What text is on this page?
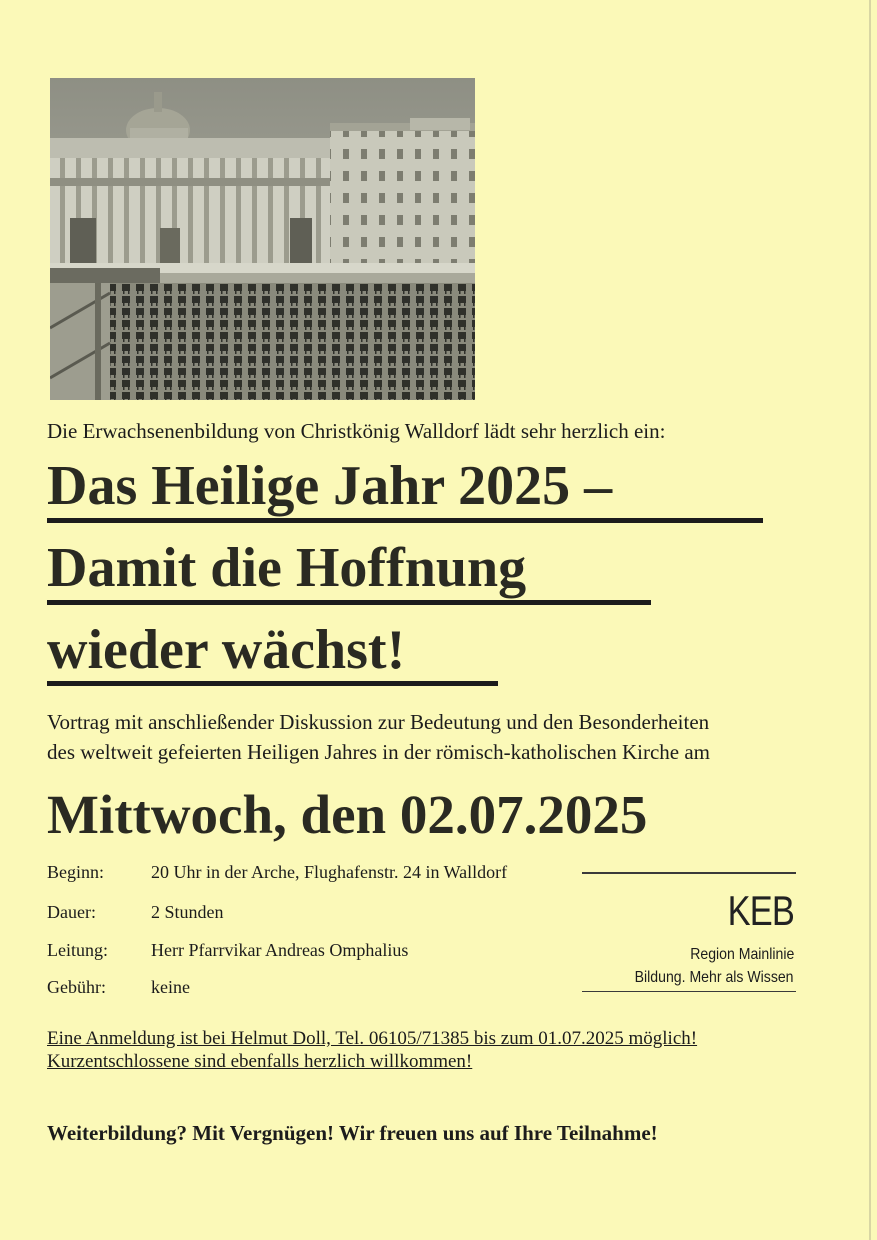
Die Erwachsenenbildung von Christkönig Walldorf lädt sehr herzlich ein:
Das Heilige Jahr 2025 –
Damit die Hoffnung
wieder wächst!
Vortrag mit anschließender Diskussion zur Bedeutung und den Besonderheiten
des weltweit gefeierten Heiligen Jahres in der römisch-katholischen Kirche am
Mittwoch, den 02.07.2025
Beginn:	20 Uhr in der Arche, Flughafenstr. 24 in Walldorf
Dauer:	2 Stunden
Leitung: Herr Pfarrvikar Andreas Omphalius
Gebühr:	keine
KEB
Region Mainlinie
Bildung. Mehr als Wissen
Eine Anmeldung ist bei Helmut Doll, Tel. 06105/71385 bis zum 01.07.2025 möglich!
Kurzentschlossene sind ebenfalls herzlich willkommen!
Weiterbildung? Mit Vergnügen! Wir freuen uns auf Ihre Teilnahme!
